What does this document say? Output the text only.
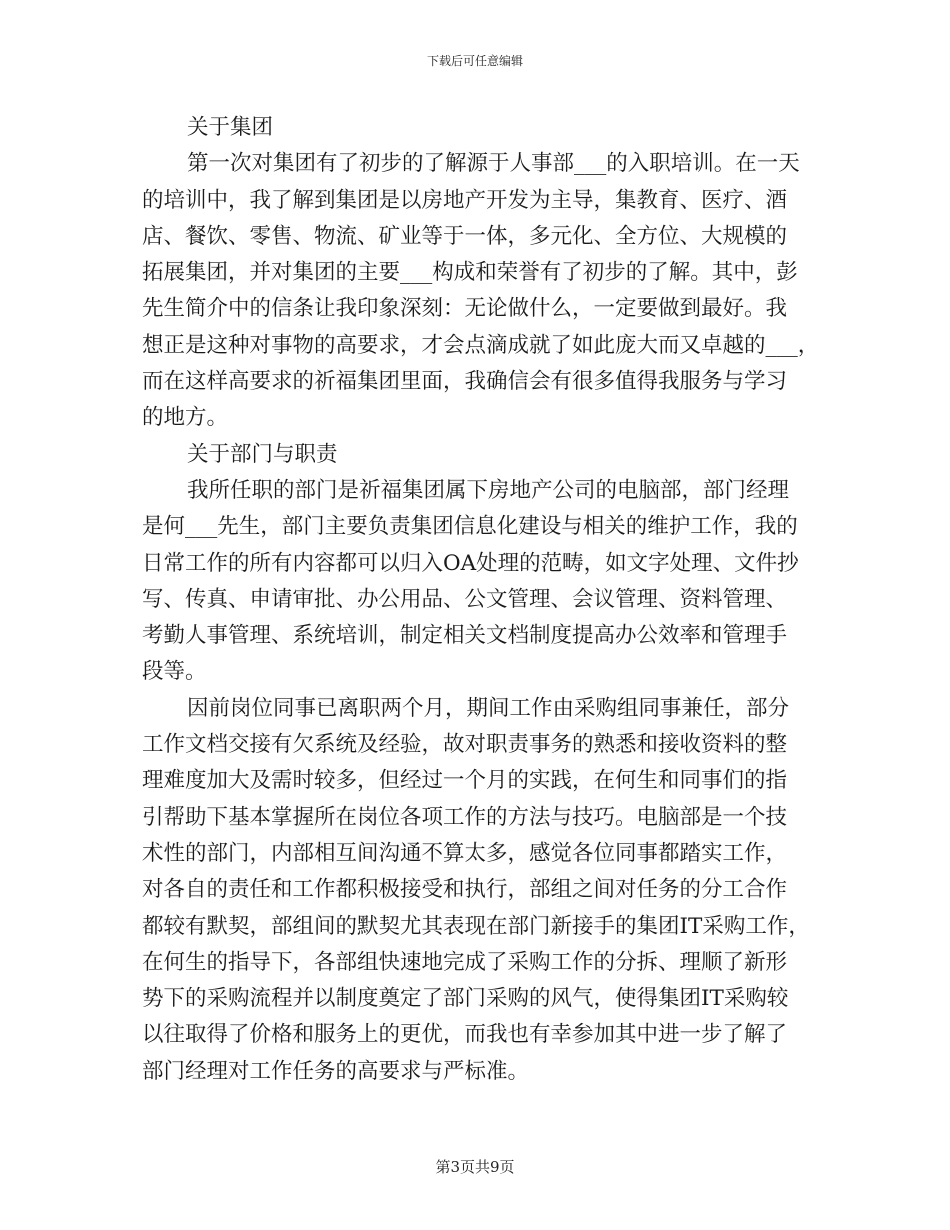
下载后可任意编辑
关于集团
第一次对集团有了初步的了解源于人事部___的入职培训。在一天
的培训中，我了解到集团是以房地产开发为主导，集教育、医疗、酒
店、餐饮、零售、物流、矿业等于一体，多元化、全方位、大规模的
拓展集团，并对集团的主要___构成和荣誉有了初步的了解。其中，彭
先生简介中的信条让我印象深刻：无论做什么，一定要做到最好。我
想正是这种对事物的高要求，才会点滴成就了如此庞大而又卓越的___，
而在这样高要求的祈福集团里面，我确信会有很多值得我服务与学习
的地方。
关于部门与职责
我所任职的部门是祈福集团属下房地产公司的电脑部，部门经理
是何___先生，部门主要负责集团信息化建设与相关的维护工作，我的
日常工作的所有内容都可以归入OA处理的范畴，如文字处理、文件抄
写、传真、申请审批、办公用品、公文管理、会议管理、资料管理、
考勤人事管理、系统培训，制定相关文档制度提高办公效率和管理手
段等。
因前岗位同事已离职两个月，期间工作由采购组同事兼任，部分
工作文档交接有欠系统及经验，故对职责事务的熟悉和接收资料的整
理难度加大及需时较多，但经过一个月的实践，在何生和同事们的指
引帮助下基本掌握所在岗位各项工作的方法与技巧。电脑部是一个技
术性的部门，内部相互间沟通不算太多，感觉各位同事都踏实工作，
对各自的责任和工作都积极接受和执行，部组之间对任务的分工合作
都较有默契，部组间的默契尤其表现在部门新接手的集团IT采购工作，
在何生的指导下，各部组快速地完成了采购工作的分拆、理顺了新形
势下的采购流程并以制度奠定了部门采购的风气，使得集团IT采购较
以往取得了价格和服务上的更优，而我也有幸参加其中进一步了解了
部门经理对工作任务的高要求与严标准。
第3页共9页
